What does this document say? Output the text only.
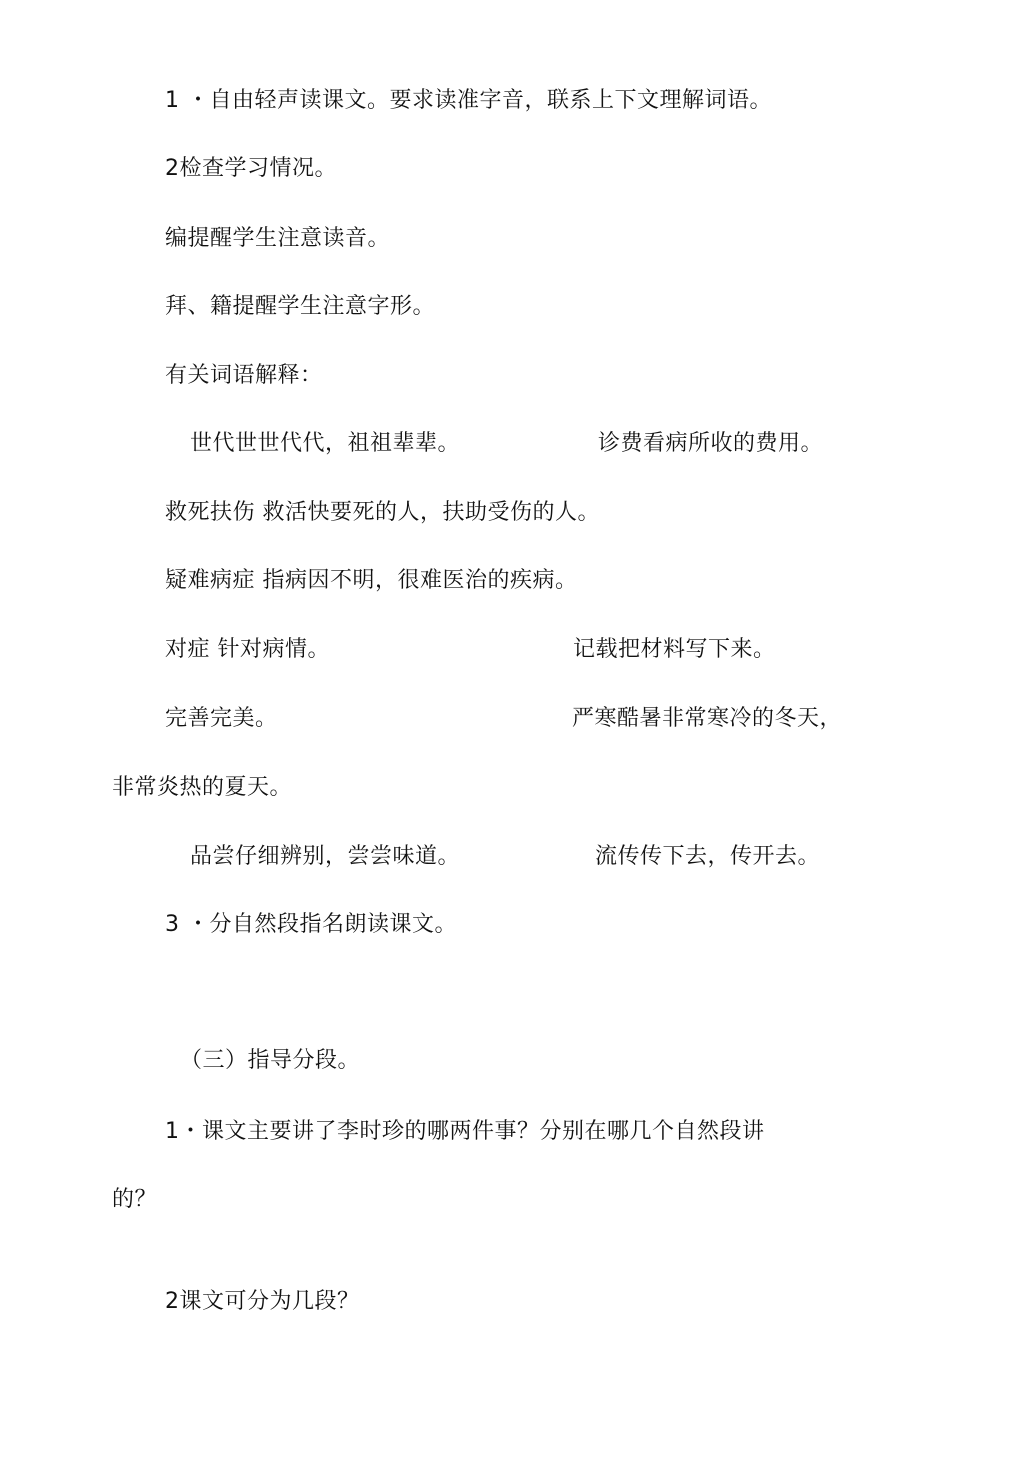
1 ・自由轻声读课文。要求读准字音，联系上下文理解词语。
2检查学习情况。
编提醒学生注意读音。
拜、籍提醒学生注意字形。
有关词语解释：
世代世世代代，祖祖辈辈。	诊费看病所收的费用。
救死扶伤 救活快要死的人，扶助受伤的人。
疑难病症 指病因不明，很难医治的疾病。
对症 针对病情。	记载把材料写下来。
完善完美。	严寒酷暑非常寒冷的冬天，
非常炎热的夏天。
品尝仔细辨别，尝尝味道。	流传传下去，传开去。
3 ・分自然段指名朗读课文。
（三）指导分段。
1・课文主要讲了李时珍的哪两件事？分别在哪几个自然段讲
的？
2课文可分为几段？
